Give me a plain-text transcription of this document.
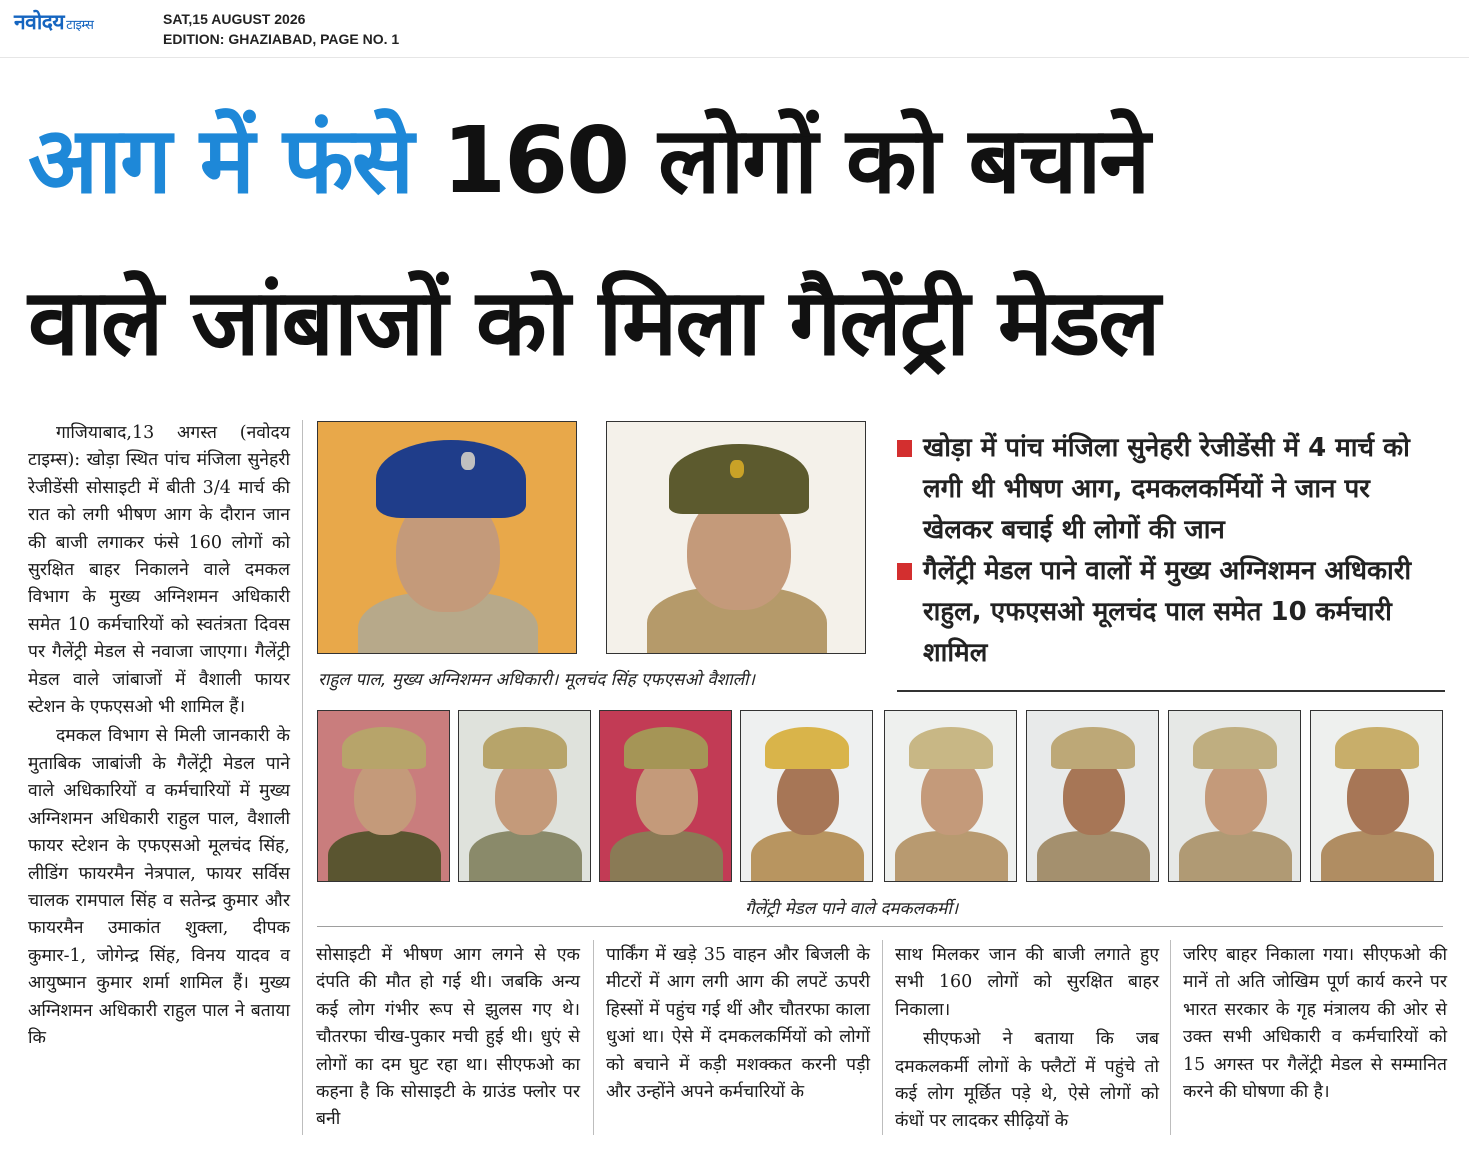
नवोदय टाइम्स	SAT,15 AUGUST 2026
EDITION: GHAZIABAD, PAGE NO. 1
आग में फंसे 160 लोगों को बचाने
वाले जांबाजों को मिला गैलेंट्री मेडल

गाजियाबाद,13 अगस्त (नवोदय टाइम्स): खोड़ा स्थित पांच मंजिला सुनेहरी रेजीडेंसी सोसाइटी में बीती 3/4 मार्च की रात को लगी भीषण आग के दौरान जान की बाजी लगाकर फंसे 160 लोगों को सुरक्षित बाहर निकालने वाले दमकल विभाग के मुख्य अग्निशमन अधिकारी समेत 10 कर्मचारियों को स्वतंत्रता दिवस पर गैलेंट्री मेडल से नवाजा जाएगा। गैलेंट्री मेडल वाले जांबाजों में वैशाली फायर स्टेशन के एफएसओ भी शामिल हैं।

दमकल विभाग से मिली जानकारी के मुताबिक जाबांजी के गैलेंट्री मेडल पाने वाले अधिकारियों व कर्मचारियों में मुख्य अग्निशमन अधिकारी राहुल पाल, वैशाली फायर स्टेशन के एफएसओ मूलचंद सिंह, लीडिंग फायरमैन नेत्रपाल, फायर सर्विस चालक रामपाल सिंह व सतेन्द्र कुमार और फायरमैन उमाकांत शुक्ला, दीपक कुमार-1, जोगेन्द्र सिंह, विनय यादव व आयुष्मान कुमार शर्मा शामिल हैं। मुख्य अग्निशमन अधिकारी राहुल पाल ने बताया कि

राहुल पाल, मुख्य अग्निशमन अधिकारी। मूलचंद सिंह एफएसओ वैशाली।
खोड़ा में पांच मंजिला सुनेहरी रेजीडेंसी में 4 मार्च को लगी थी भीषण आग, दमकलकर्मियों ने जान पर खेलकर बचाई थी लोगों की जान
गैलेंट्री मेडल पाने वालों में मुख्य अग्निशमन अधिकारी राहुल, एफएसओ मूलचंद पाल समेत 10 कर्मचारी शामिल
गैलेंट्री मेडल पाने वाले दमकलकर्मी।

सोसाइटी में भीषण आग लगने से एक दंपति की मौत हो गई थी। जबकि अन्य कई लोग गंभीर रूप से झुलस गए थे। चौतरफा चीख-पुकार मची हुई थी। धुएं से लोगों का दम घुट रहा था। सीएफओ का कहना है कि सोसाइटी के ग्राउंड फ्लोर पर बनी

पार्किंग में खड़े 35 वाहन और बिजली के मीटरों में आग लगी आग की लपटें ऊपरी हिस्सों में पहुंच गई थीं और चौतरफा काला धुआं था। ऐसे में दमकलकर्मियों को लोगों को बचाने में कड़ी मशक्कत करनी पड़ी और उन्होंने अपने कर्मचारियों के

साथ मिलकर जान की बाजी लगाते हुए सभी 160 लोगों को सुरक्षित बाहर निकाला।

सीएफओ ने बताया कि जब दमकलकर्मी लोगों के फ्लैटों में पहुंचे तो कई लोग मूर्छित पड़े थे, ऐसे लोगों को कंधों पर लादकर सीढ़ियों के

जरिए बाहर निकाला गया। सीएफओ की मानें तो अति जोखिम पूर्ण कार्य करने पर भारत सरकार के गृह मंत्रालय की ओर से उक्त सभी अधिकारी व कर्मचारियों को 15 अगस्त पर गैलेंट्री मेडल से सम्मानित करने की घोषणा की है।
